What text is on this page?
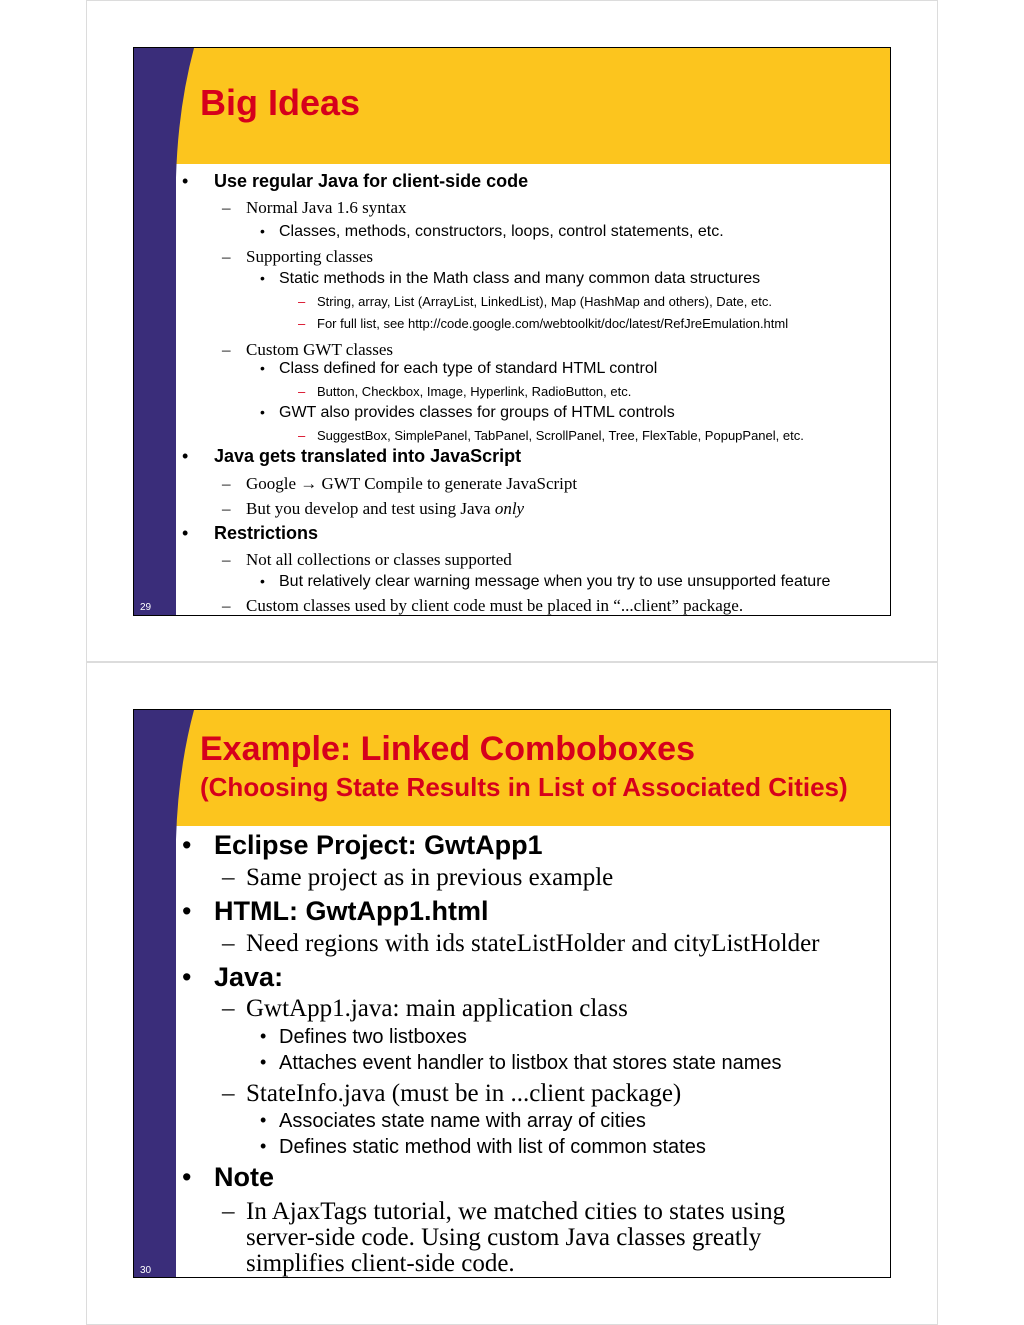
Big Ideas
29
• Use regular Java for client-side code
– Normal Java 1.6 syntax
• Classes, methods, constructors, loops, control statements, etc.
– Supporting classes
• Static methods in the Math class and many common data structures
– String, array, List (ArrayList, LinkedList), Map (HashMap and others), Date, etc.
– For full list, see http://code.google.com/webtoolkit/doc/latest/RefJreEmulation.html
– Custom GWT classes
• Class defined for each type of standard HTML control
– Button, Checkbox, Image, Hyperlink, RadioButton, etc.
• GWT also provides classes for groups of HTML controls
– SuggestBox, SimplePanel, TabPanel, ScrollPanel, Tree, FlexTable, PopupPanel, etc.
• Java gets translated into JavaScript
– Google → GWT Compile to generate JavaScript
– But you develop and test using Java only
• Restrictions
– Not all collections or classes supported
• But relatively clear warning message when you try to use unsupported feature
– Custom classes used by client code must be placed in “...client” package.
Example: Linked Comboboxes
(Choosing State Results in List of Associated Cities)
30
• Eclipse Project: GwtApp1
– Same project as in previous example
• HTML: GwtApp1.html
– Need regions with ids stateListHolder and cityListHolder
• Java:
– GwtApp1.java: main application class
• Defines two listboxes
• Attaches event handler to listbox that stores state names
– StateInfo.java (must be in ...client package)
• Associates state name with array of cities
• Defines static method with list of common states
• Note
– In AjaxTags tutorial, we matched cities to states using
server-side code. Using custom Java classes greatly
simplifies client-side code.
